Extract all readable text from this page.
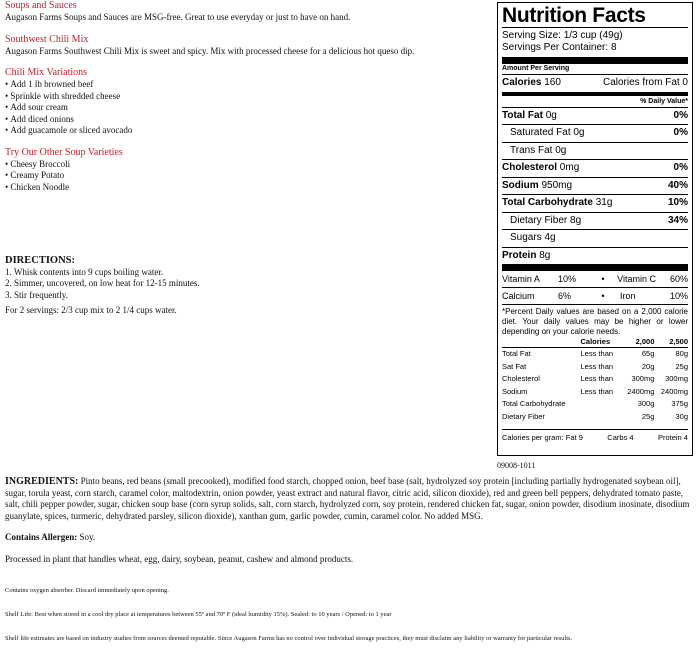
Soups and Sauces

Augason Farms Soups and Sauces are MSG-free. Great to use everyday or just to have on hand.

Southwest Chili Mix

Augason Farms Southwest Chili Mix is sweet and spicy. Mix with processed cheese for a delicious hot queso dip.

Chili Mix Variations

• Add 1 lb browned beef
• Sprinkle with shredded cheese
• Add sour cream
• Add diced onions
• Add guacamole or sliced avocado

Try Our Other Soup Varieties

• Cheesy Broccoli
• Creamy Potato
• Chicken Noodle

DIRECTIONS:

1. Whisk contents into 9 cups boiling water.

2. Simmer, uncovered, on low heat for 12-15 minutes.

3. Stir frequently.

For 2 servings: 2/3 cup mix to 2 1/4 cups water.

Nutrition Facts
Serving Size: 1/3 cup (49g)
Servings Per Container: 8
Amount Per Serving
Calories 160	Calories from Fat 0
% Daily Value*
Total Fat 0g	0%
Saturated Fat 0g	0%
Trans Fat 0g
Cholesterol 0mg	0%
Sodium 950mg	40%
Total Carbohydrate 31g	10%
Dietary Fiber 8g	34%
Sugars 4g
Protein 8g
Vitamin A	10%	•	Vitamin C	60%
Calcium	6%	•	Iron	10%
*Percent Daily values are based on a 2,000 calorie diet. Your daily values may be higher or lower depending on your calorie needs.
	Calories	2,000	2,500
Total Fat	Less than	65g	80g
Sat Fat	Less than	20g	25g
Cholesterol	Less than	300mg	300mg
Sodium	Less than	2400mg	2400mg
Total Carbohydrate		300g	375g
Dietary Fiber		25g	30g
Calories per gram: Fat 9	Carbs 4	Protein 4
09008-1011

INGREDIENTS: Pinto beans, red beans (small precooked), modified food starch, chopped onion, beef base (salt, hydrolyzed soy protein [including partially hydrogenated soybean oil], sugar, torula yeast, corn starch, caramel color, maltodextrin, onion powder, yeast extract and natural flavor, citric acid, silicon dioxide), red and green bell peppers, dehydrated tomato paste, salt, chili pepper powder, sugar, chicken soup base (corn syrup solids, salt, corn starch, hydrolyzed corn, soy protein, rendered chicken fat, sugar, onion powder, disodium inosinate, disodium guanylate, spices, turmeric, dehydrated parsley, silicon dioxide), xanthan gum, garlic powder, cumin, caramel color. No added MSG.

Contains Allergen: Soy.

Processed in plant that handles wheat, egg, dairy, soybean, peanut, cashew and almond products.

Contains oxygen absorber. Discard immediately upon opening.

Shelf Life: Best when stored in a cool dry place at temperatures between 55º and 70º F (ideal humidity 15%). Sealed: to 10 years / Opened: to 1 year

Shelf life estimates are based on industry studies from sources deemed reputable. Since Augason Farms has no control over individual storage practices, they must disclaim any liability or warranty for particular results.
